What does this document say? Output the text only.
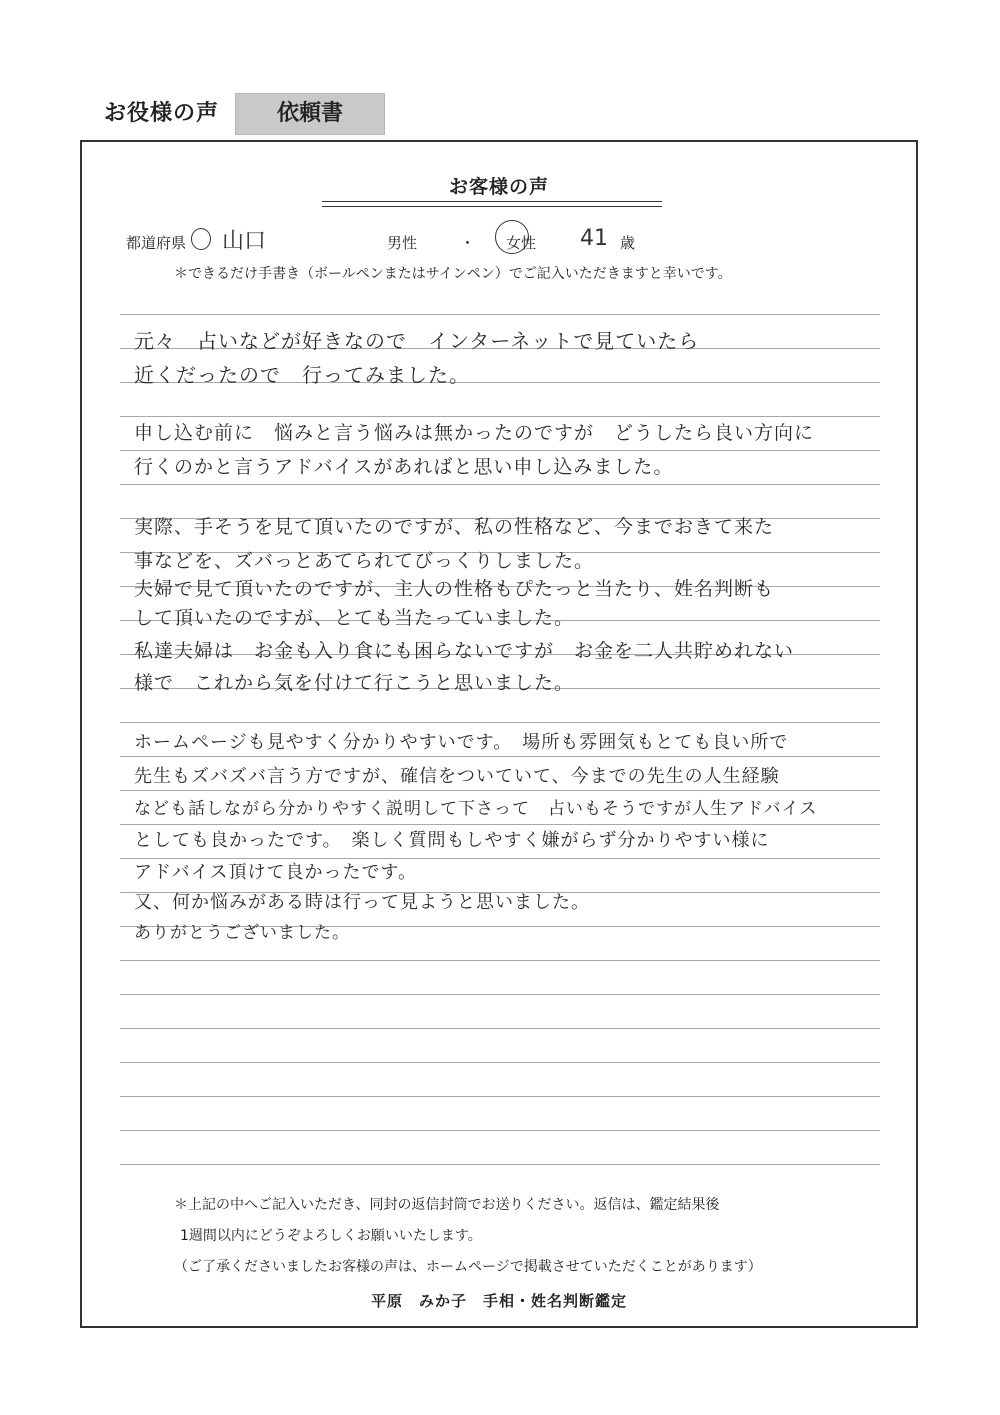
お役様の声	依頼書
お客様の声
都道府県 山口	男性	・ 女性 41 歳
＊できるだけ手書き（ボールペンまたはサインペン）でご記入いただきますと幸いです。
元々　占いなどが好きなので　インターネットで見ていたら
近くだったので　行ってみました。
申し込む前に　悩みと言う悩みは無かったのですが　どうしたら良い方向に
行くのかと言うアドバイスがあればと思い申し込みました。
実際、手そうを見て頂いたのですが、私の性格など、今までおきて来た
事などを、ズバっとあてられてびっくりしました。
夫婦で見て頂いたのですが、主人の性格もぴたっと当たり、姓名判断も
して頂いたのですが、とても当たっていました。
私達夫婦は　お金も入り食にも困らないですが　お金を二人共貯めれない
様で　これから気を付けて行こうと思いました。
ホームページも見やすく分かりやすいです。　場所も雰囲気もとても良い所で
先生もズバズバ言う方ですが、確信をついていて、今までの先生の人生経験
なども話しながら分かりやすく説明して下さって　占いもそうですが人生アドバイス
としても良かったです。　楽しく質問もしやすく嫌がらず分かりやすい様に
アドバイス頂けて良かったです。
又、何か悩みがある時は行って見ようと思いました。
ありがとうございました。
＊上記の中へご記入いただき、同封の返信封筒でお送りください。返信は、鑑定結果後
1週間以内にどうぞよろしくお願いいたします。
（ご了承くださいましたお客様の声は、ホームページで掲載させていただくことがあります）
平原　みか子　手相・姓名判断鑑定
